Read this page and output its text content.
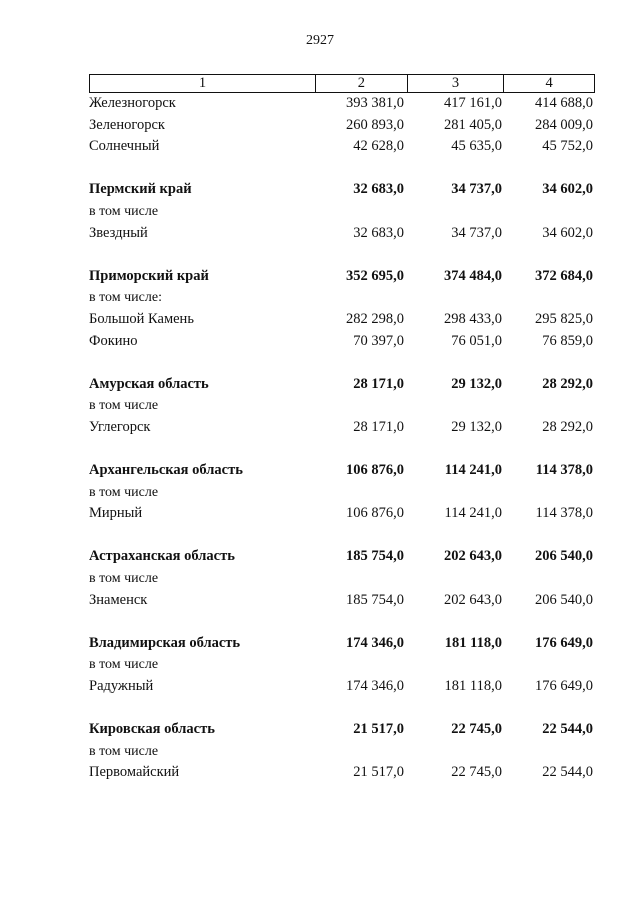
2927
1	2	3	4
Железногорск	393 381,0	417 161,0	414 688,0
Зеленогорск	260 893,0	281 405,0	284 009,0
Солнечный	42 628,0	45 635,0	45 752,0
Пермский край	32 683,0	34 737,0	34 602,0
в том числе
Звездный	32 683,0	34 737,0	34 602,0
Приморский край	352 695,0	374 484,0	372 684,0
в том числе:
Большой Камень	282 298,0	298 433,0	295 825,0
Фокино	70 397,0	76 051,0	76 859,0
Амурская область	28 171,0	29 132,0	28 292,0
в том числе
Углегорск	28 171,0	29 132,0	28 292,0
Архангельская область	106 876,0	114 241,0	114 378,0
в том числе
Мирный	106 876,0	114 241,0	114 378,0
Астраханская область	185 754,0	202 643,0	206 540,0
в том числе
Знаменск	185 754,0	202 643,0	206 540,0
Владимирская область	174 346,0	181 118,0	176 649,0
в том числе
Радужный	174 346,0	181 118,0	176 649,0
Кировская область	21 517,0	22 745,0	22 544,0
в том числе
Первомайский	21 517,0	22 745,0	22 544,0
